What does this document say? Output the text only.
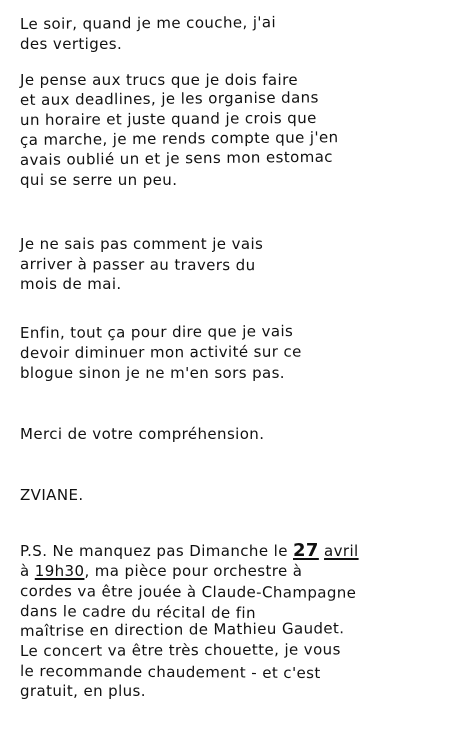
Le soir, quand je me couche, j'ai
des vertiges.
Je pense aux trucs que je dois faire
et aux deadlines, je les organise dans
un horaire et juste quand je crois que
ça marche, je me rends compte que j'en
avais oublié un et je sens mon estomac
qui se serre un peu.
Je ne sais pas comment je vais
arriver à passer au travers du
mois de mai.
Enfin, tout ça pour dire que je vais
devoir diminuer mon activité sur ce
blogue sinon je ne m'en sors pas.
Merci de votre compréhension.
ZVIANE.
P.S. Ne manquez pas Dimanche le 27 avril
à 19h30, ma pièce pour orchestre à
cordes va être jouée à Claude-Champagne
dans le cadre du récital de fin
maîtrise en direction de Mathieu Gaudet.
Le concert va être très chouette, je vous
le recommande chaudement - et c'est
gratuit, en plus.
